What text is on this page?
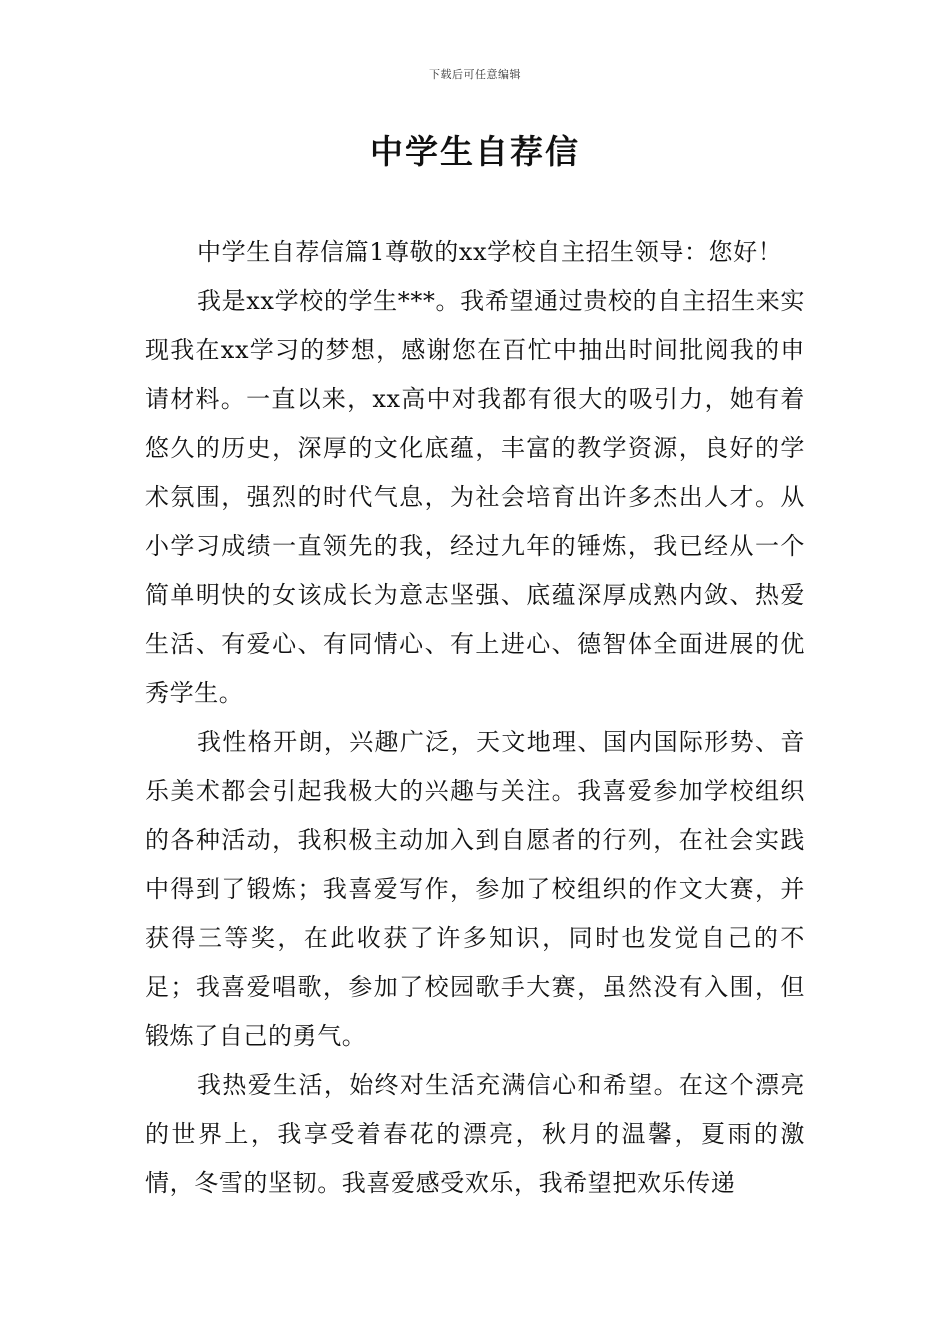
下载后可任意编辑
中学生自荐信

中学生自荐信篇1尊敬的xx学校自主招生领导：您好！

我是xx学校的学生***。我希望通过贵校的自主招生来实现我在xx学习的梦想，感谢您在百忙中抽出时间批阅我的申请材料。一直以来，xx高中对我都有很大的吸引力，她有着悠久的历史，深厚的文化底蕴，丰富的教学资源，良好的学术氛围，强烈的时代气息，为社会培育出许多杰出人才。从小学习成绩一直领先的我，经过九年的锤炼，我已经从一个简单明快的女该成长为意志坚强、底蕴深厚成熟内敛、热爱生活、有爱心、有同情心、有上进心、德智体全面进展的优秀学生。

我性格开朗，兴趣广泛，天文地理、国内国际形势、音乐美术都会引起我极大的兴趣与关注。我喜爱参加学校组织的各种活动，我积极主动加入到自愿者的行列，在社会实践中得到了锻炼；我喜爱写作，参加了校组织的作文大赛，并获得三等奖，在此收获了许多知识，同时也发觉自己的不足；我喜爱唱歌，参加了校园歌手大赛，虽然没有入围，但锻炼了自己的勇气。

我热爱生活，始终对生活充满信心和希望。在这个漂亮的世界上，我享受着春花的漂亮，秋月的温馨，夏雨的激情，冬雪的坚韧。我喜爱感受欢乐，我希望把欢乐传递
